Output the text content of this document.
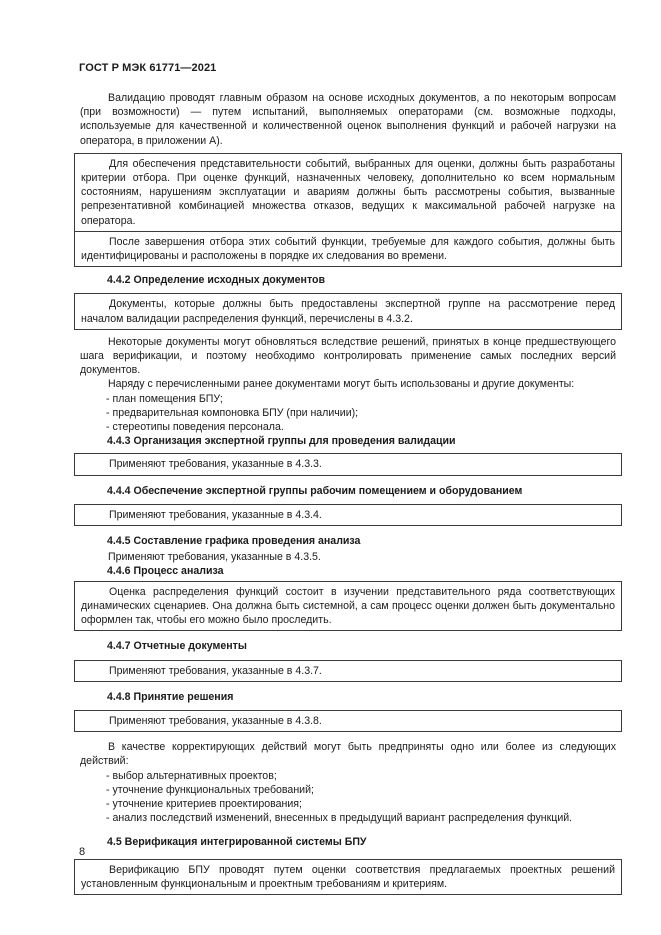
ГОСТ Р МЭК 61771—2021

Валидацию проводят главным образом на основе исходных документов, а по некоторым вопросам (при возможности) — путем испытаний, выполняемых операторами (см. возможные подходы, используемые для качественной и количественной оценок выполнения функций и рабочей нагрузки на оператора, в приложении А).

Для обеспечения представительности событий, выбранных для оценки, должны быть разработаны критерии отбора. При оценке функций, назначенных человеку, дополнительно ко всем нормальным состояниям, нарушениям эксплуатации и авариям должны быть рассмотрены события, вызванные репрезентативной комбинацией множества отказов, ведущих к максимальной рабочей нагрузке на оператора.

После завершения отбора этих событий функции, требуемые для каждого события, должны быть идентифицированы и расположены в порядке их следования во времени.

4.4.2 Определение исходных документов

Документы, которые должны быть предоставлены экспертной группе на рассмотрение перед началом валидации распределения функций, перечислены в 4.3.2.

Некоторые документы могут обновляться вследствие решений, принятых в конце предшествующего шага верификации, и поэтому необходимо контролировать применение самых последних версий документов.

Наряду с перечисленными ранее документами могут быть использованы и другие документы:

- план помещения БПУ;
- предварительная компоновка БПУ (при наличии);
- стереотипы поведения персонала.

4.4.3 Организация экспертной группы для проведения валидации

Применяют требования, указанные в 4.3.3.

4.4.4 Обеспечение экспертной группы рабочим помещением и оборудованием

Применяют требования, указанные в 4.3.4.

4.4.5 Составление графика проведения анализа

Применяют требования, указанные в 4.3.5.

4.4.6 Процесс анализа

Оценка распределения функций состоит в изучении представительного ряда соответствующих динамических сценариев. Она должна быть системной, а сам процесс оценки должен быть документально оформлен так, чтобы его можно было проследить.

4.4.7 Отчетные документы

Применяют требования, указанные в 4.3.7.

4.4.8 Принятие решения

Применяют требования, указанные в 4.3.8.

В качестве корректирующих действий могут быть предприняты одно или более из следующих действий:

- выбор альтернативных проектов;
- уточнение функциональных требований;
- уточнение критериев проектирования;
- анализ последствий изменений, внесенных в предыдущий вариант распределения функций.

4.5 Верификация интегрированной системы БПУ

Верификацию БПУ проводят путем оценки соответствия предлагаемых проектных решений установленным функциональным и проектным требованиям и критериям.

8
